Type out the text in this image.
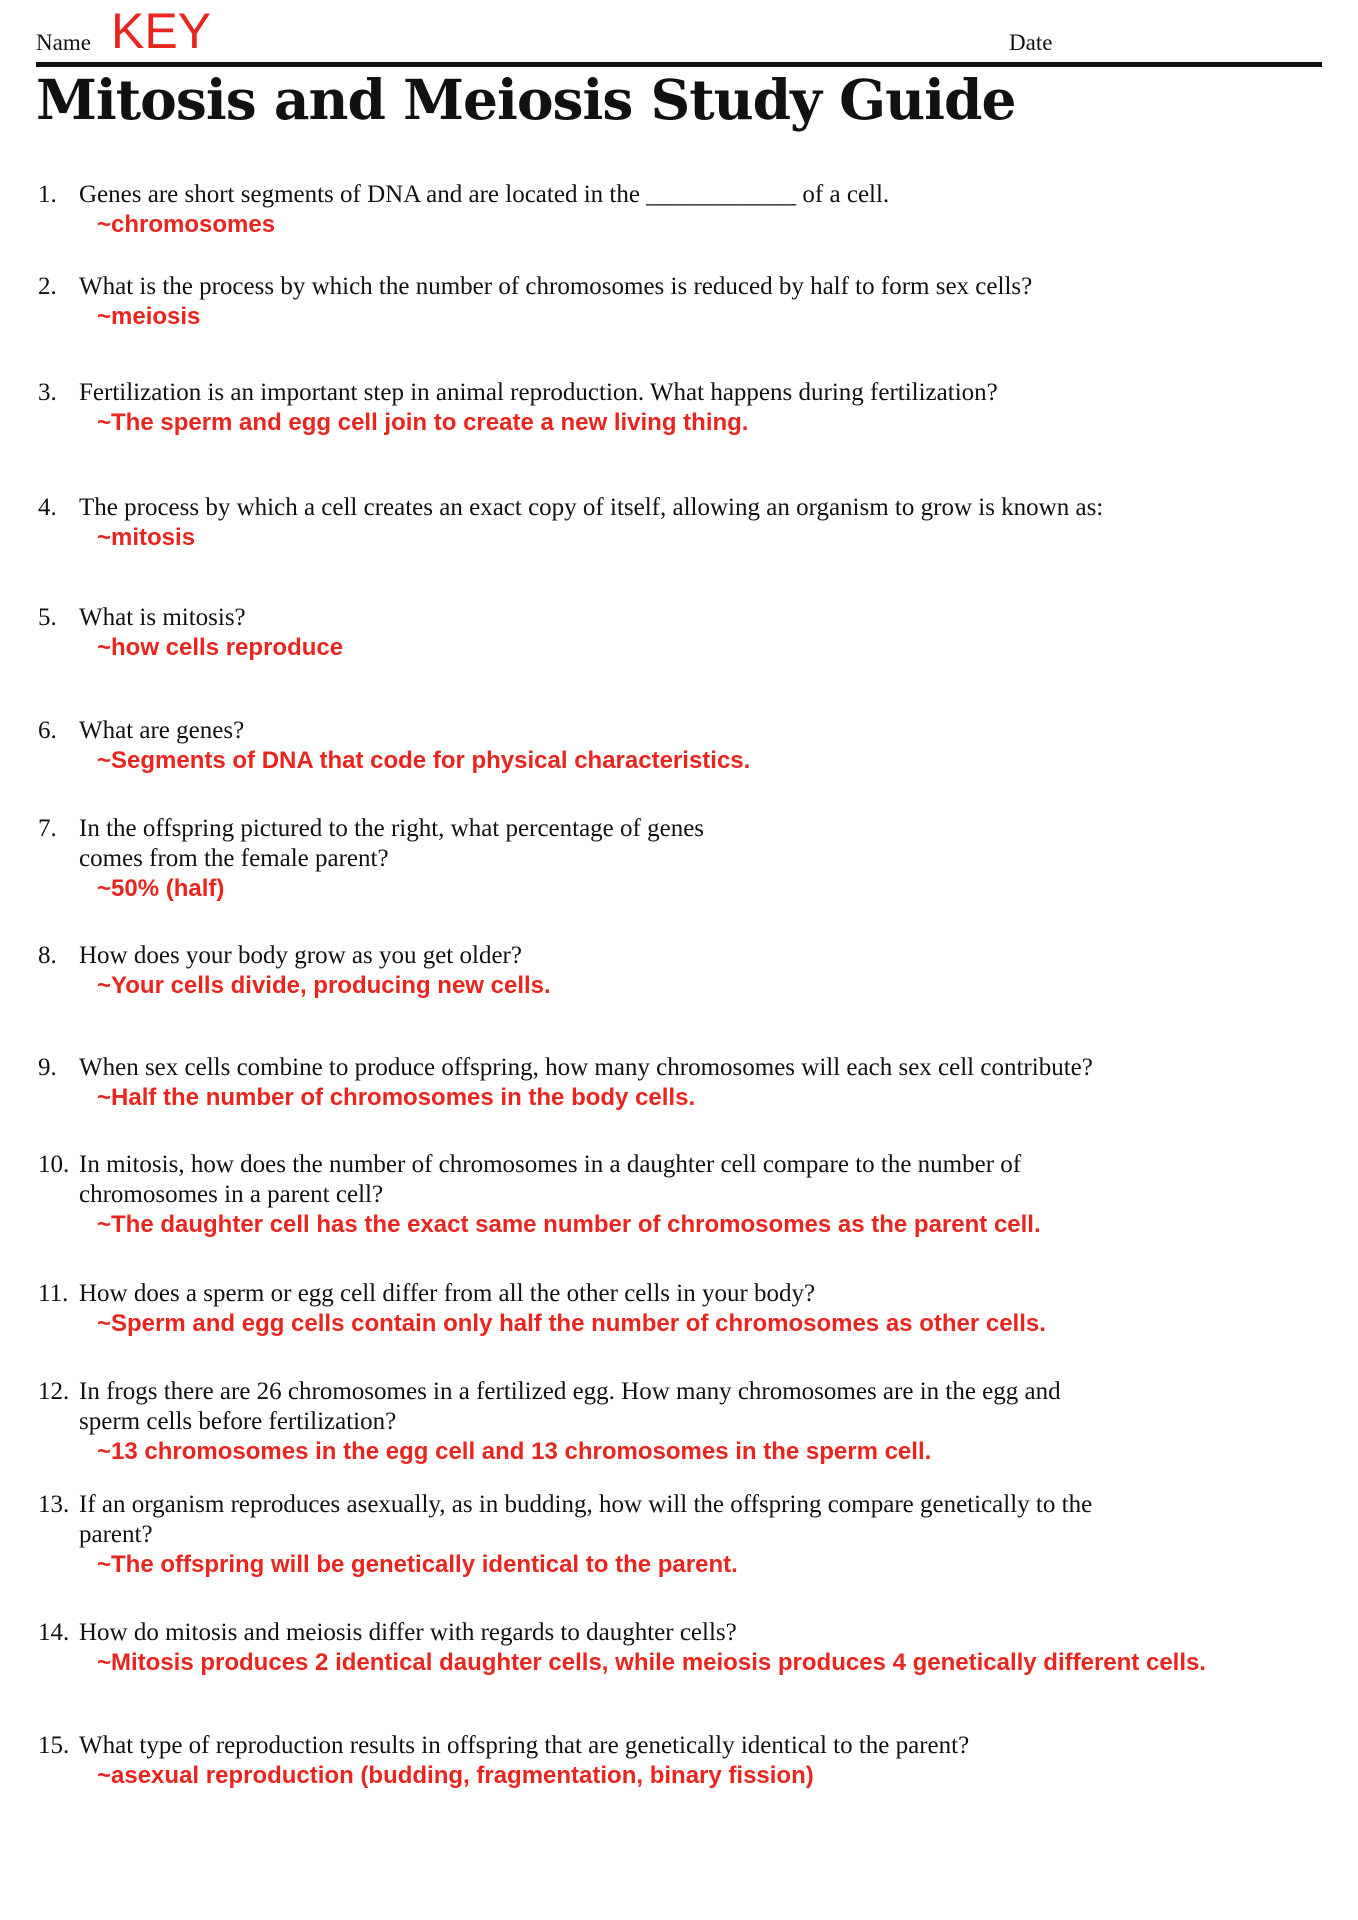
Name KEY	Date
Mitosis and Meiosis Study Guide
1. Genes are short segments of DNA and are located in the ____________ of a cell.
~chromosomes
2. What is the process by which the number of chromosomes is reduced by half to form sex cells?
~meiosis
3. Fertilization is an important step in animal reproduction. What happens during fertilization?
~The sperm and egg cell join to create a new living thing.
4. The process by which a cell creates an exact copy of itself, allowing an organism to grow is known as:
~mitosis
5. What is mitosis?
~how cells reproduce
6. What are genes?
~Segments of DNA that code for physical characteristics.
7. In the offspring pictured to the right, what percentage of genes
comes from the female parent?
~50% (half)
8. How does your body grow as you get older?
~Your cells divide, producing new cells.
9. When sex cells combine to produce offspring, how many chromosomes will each sex cell contribute?
~Half the number of chromosomes in the body cells.
10. In mitosis, how does the number of chromosomes in a daughter cell compare to the number of
chromosomes in a parent cell?
~The daughter cell has the exact same number of chromosomes as the parent cell.
11. How does a sperm or egg cell differ from all the other cells in your body?
~Sperm and egg cells contain only half the number of chromosomes as other cells.
12. In frogs there are 26 chromosomes in a fertilized egg. How many chromosomes are in the egg and
sperm cells before fertilization?
~13 chromosomes in the egg cell and 13 chromosomes in the sperm cell.
13. If an organism reproduces asexually, as in budding, how will the offspring compare genetically to the
parent?
~The offspring will be genetically identical to the parent.
14. How do mitosis and meiosis differ with regards to daughter cells?
~Mitosis produces 2 identical daughter cells, while meiosis produces 4 genetically different cells.
15. What type of reproduction results in offspring that are genetically identical to the parent?
~asexual reproduction (budding, fragmentation, binary fission)
